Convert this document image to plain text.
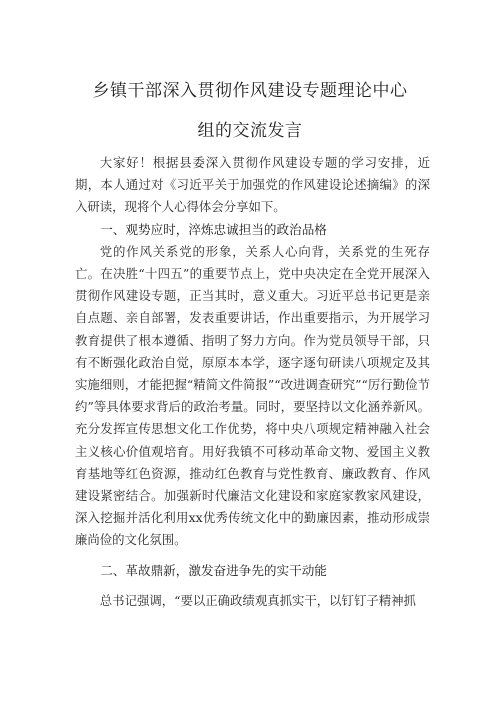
乡镇干部深入贯彻作风建设专题理论中心
组的交流发言

大家好！根据县委深入贯彻作风建设专题的学习安排，近期，本人通过对《习近平关于加强党的作风建设论述摘编》的深入研读，现将个人心得体会分享如下。

一、观势应时，淬炼忠诚担当的政治品格

党的作风关系党的形象，关系人心向背，关系党的生死存亡。在决胜“十四五”的重要节点上，党中央决定在全党开展深入贯彻作风建设专题，正当其时，意义重大。习近平总书记更是亲自点题、亲自部署，发表重要讲话，作出重要指示，为开展学习教育提供了根本遵循、指明了努力方向。作为党员领导干部，只有不断强化政治自觉，原原本本学，逐字逐句研读八项规定及其实施细则，才能把握“精简文件简报”“改进调查研究”“厉行勤俭节约”等具体要求背后的政治考量。同时，要坚持以文化涵养新风。充分发挥宣传思想文化工作优势，将中央八项规定精神融入社会主义核心价值观培育。用好我镇不可移动革命文物、爱国主义教育基地等红色资源，推动红色教育与党性教育、廉政教育、作风建设紧密结合。加强新时代廉洁文化建设和家庭家教家风建设，深入挖掘并活化利用xx优秀传统文化中的勤廉因素，推动形成崇廉尚俭的文化氛围。

二、革故鼎新，激发奋进争先的实干动能

总书记强调，“要以正确政绩观真抓实干，以钉钉子精神抓
